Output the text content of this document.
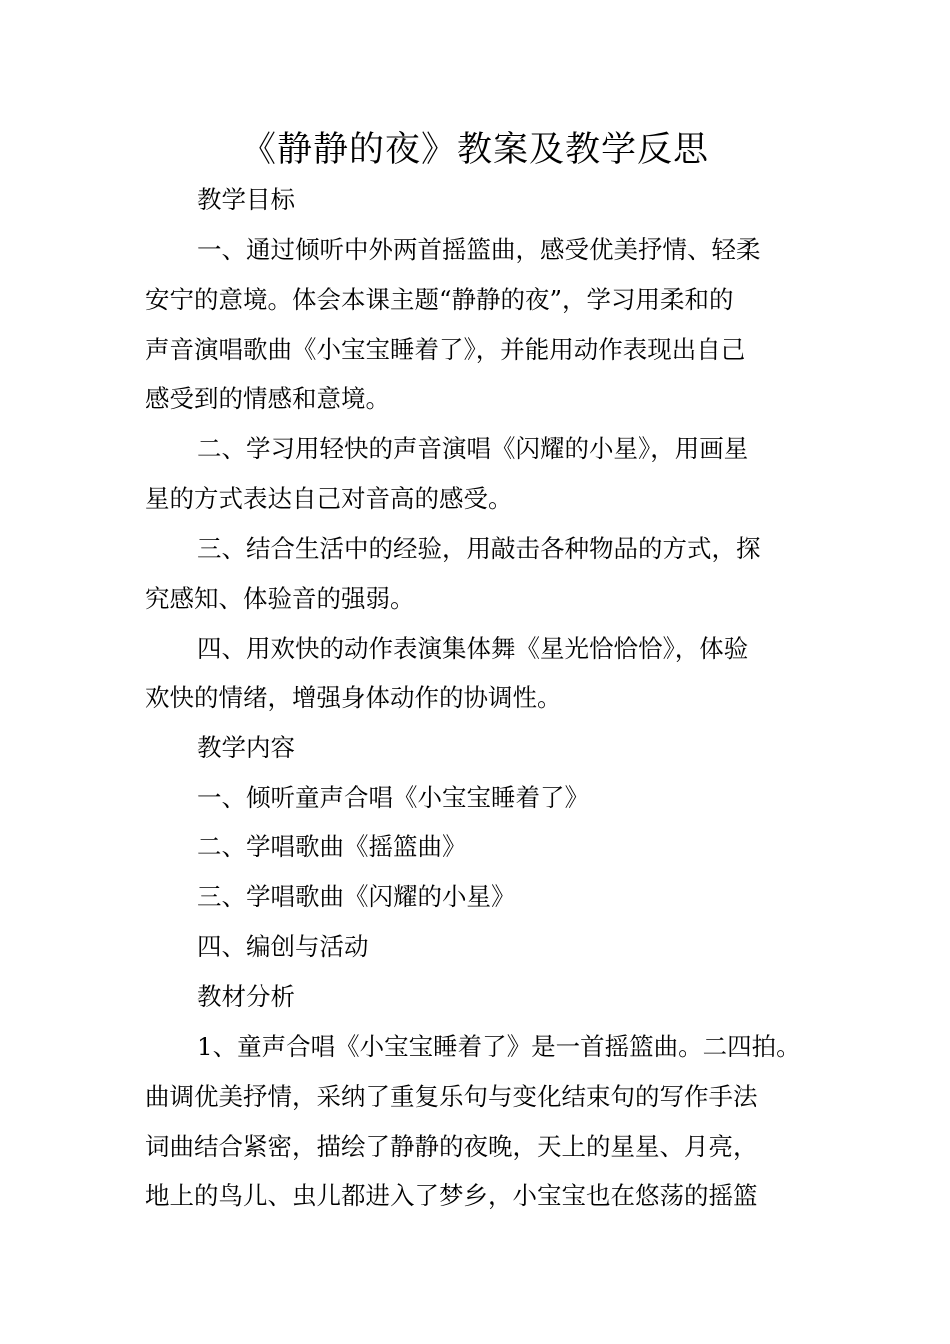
《静静的夜》教案及教学反思
教学目标
一、通过倾听中外两首摇篮曲，感受优美抒情、轻柔
安宁的意境。体会本课主题“静静的夜”，学习用柔和的
声音演唱歌曲《小宝宝睡着了》，并能用动作表现出自己
感受到的情感和意境。
二、学习用轻快的声音演唱《闪耀的小星》，用画星
星的方式表达自己对音高的感受。
三、结合生活中的经验，用敲击各种物品的方式，探
究感知、体验音的强弱。
四、用欢快的动作表演集体舞《星光恰恰恰》，体验
欢快的情绪，增强身体动作的协调性。
教学内容
一、倾听童声合唱《小宝宝睡着了》
二、学唱歌曲《摇篮曲》
三、学唱歌曲《闪耀的小星》
四、编创与活动
教材分析
1、童声合唱《小宝宝睡着了》是一首摇篮曲。二四拍。
曲调优美抒情，采纳了重复乐句与变化结束句的写作手法
词曲结合紧密，描绘了静静的夜晚，天上的星星、月亮，
地上的鸟儿、虫儿都进入了梦乡，小宝宝也在悠荡的摇篮
